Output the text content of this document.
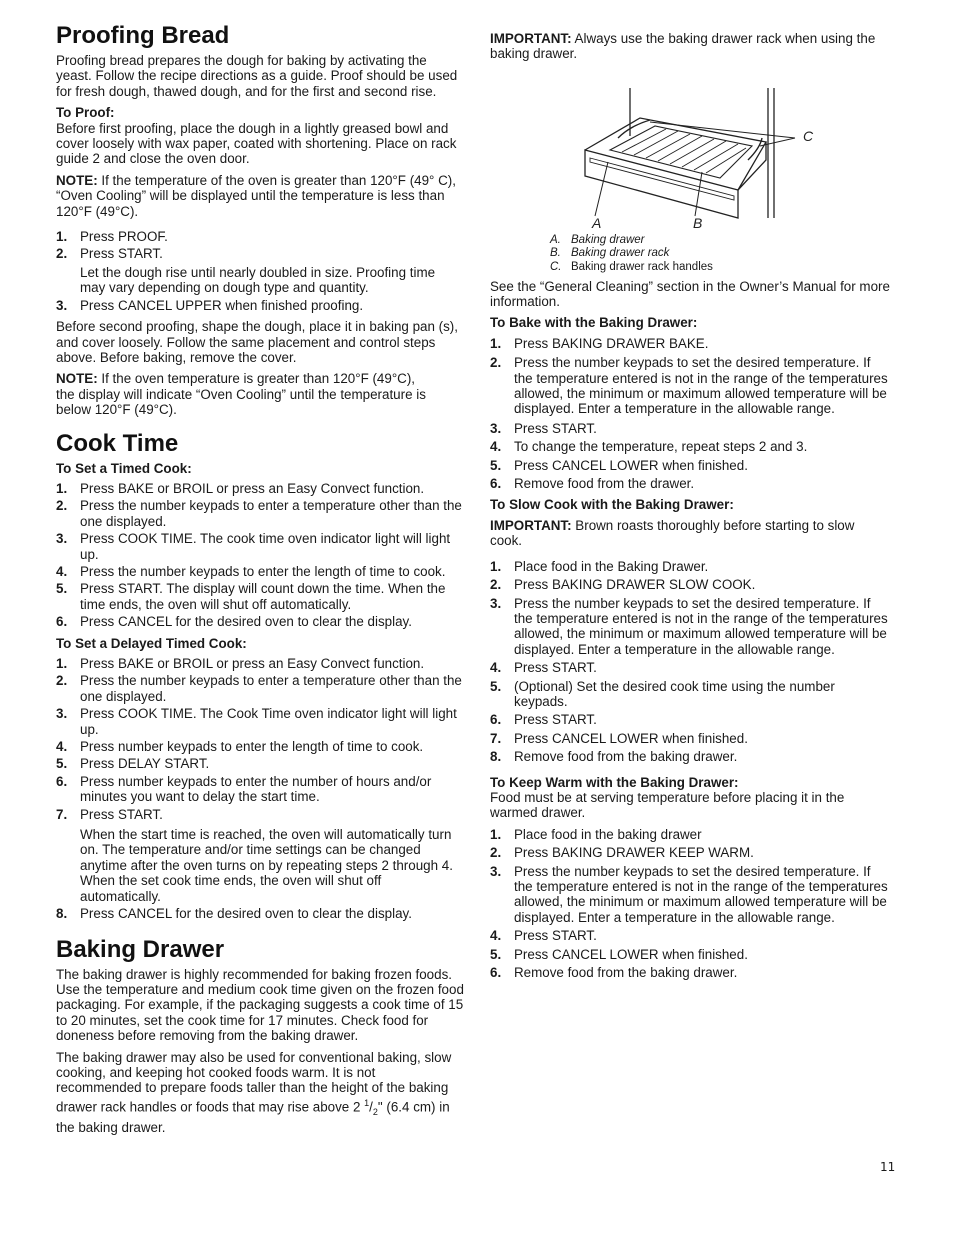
Proofing Bread

Proofing bread prepares the dough for baking by activating the yeast. Follow the recipe directions as a guide. Proof should be used for fresh dough, thawed dough, and for the first and second rise.

To Proof:

Before first proofing, place the dough in a lightly greased bowl and cover loosely with wax paper, coated with shortening. Place on rack guide 2 and close the oven door.

NOTE: If the temperature of the oven is greater than 120°F (49° C), “Oven Cooling” will be displayed until the temperature is less than 120°F (49°C).

1. Press PROOF.
2. Press START.
Let the dough rise until nearly doubled in size. Proofing time may vary depending on dough type and quantity.
3. Press CANCEL UPPER when finished proofing.

Before second proofing, shape the dough, place it in baking pan (s), and cover loosely. Follow the same placement and control steps above. Before baking, remove the cover.

NOTE: If the oven temperature is greater than 120°F (49°C), the display will indicate “Oven Cooling” until the temperature is below 120°F (49°C).

Cook Time
To Set a Timed Cook:
1. Press BAKE or BROIL or press an Easy Convect function.
2. Press the number keypads to enter a temperature other than the one displayed.
3. Press COOK TIME. The cook time oven indicator light will light up.
4. Press the number keypads to enter the length of time to cook.
5. Press START. The display will count down the time. When the time ends, the oven will shut off automatically.
6. Press CANCEL for the desired oven to clear the display.
To Set a Delayed Timed Cook:
1. Press BAKE or BROIL or press an Easy Convect function.
2. Press the number keypads to enter a temperature other than the one displayed.
3. Press COOK TIME. The Cook Time oven indicator light will light up.
4. Press number keypads to enter the length of time to cook.
5. Press DELAY START.
6. Press number keypads to enter the number of hours and/or minutes you want to delay the start time.
7. Press START.
When the start time is reached, the oven will automatically turn on. The temperature and/or time settings can be changed anytime after the oven turns on by repeating steps 2 through 4. When the set cook time ends, the oven will shut off automatically.
8. Press CANCEL for the desired oven to clear the display.
Baking Drawer

The baking drawer is highly recommended for baking frozen foods. Use the temperature and medium cook time given on the frozen food packaging. For example, if the packaging suggests a cook time of 15 to 20 minutes, set the cook time for 17 minutes. Check food for doneness before removing from the baking drawer.

The baking drawer may also be used for conventional baking, slow cooking, and keeping hot cooked foods warm. It is not recommended to prepare foods taller than the height of the baking drawer rack handles or foods that may rise above 2 $^1/_2$" (6.4 cm) in the baking drawer.

IMPORTANT: Always use the baking drawer rack when using the baking drawer.

A	B
C
A. Baking drawer
B. Baking drawer rack
C. Baking drawer rack handles

See the “General Cleaning” section in the Owner’s Manual for more information.

To Bake with the Baking Drawer:
1. Press BAKING DRAWER BAKE.
2. Press the number keypads to set the desired temperature. If the temperature entered is not in the range of the temperatures allowed, the minimum or maximum allowed temperature will be displayed. Enter a temperature in the allowable range.
3. Press START.
4. To change the temperature, repeat steps 2 and 3.
5. Press CANCEL LOWER when finished.
6. Remove food from the drawer.
To Slow Cook with the Baking Drawer:

IMPORTANT: Brown roasts thoroughly before starting to slow cook.

1. Place food in the Baking Drawer.
2. Press BAKING DRAWER SLOW COOK.
3. Press the number keypads to set the desired temperature. If the temperature entered is not in the range of the temperatures allowed, the minimum or maximum allowed temperature will be displayed. Enter a temperature in the allowable range.
4. Press START.
5. (Optional) Set the desired cook time using the number keypads.
6. Press START.
7. Press CANCEL LOWER when finished.
8. Remove food from the baking drawer.
To Keep Warm with the Baking Drawer:

Food must be at serving temperature before placing it in the warmed drawer.

1. Place food in the baking drawer
2. Press BAKING DRAWER KEEP WARM.
3. Press the number keypads to set the desired temperature. If the temperature entered is not in the range of the temperatures allowed, the minimum or maximum allowed temperature will be displayed. Enter a temperature in the allowable range.
4. Press START.
5. Press CANCEL LOWER when finished.
6. Remove food from the baking drawer.
11
